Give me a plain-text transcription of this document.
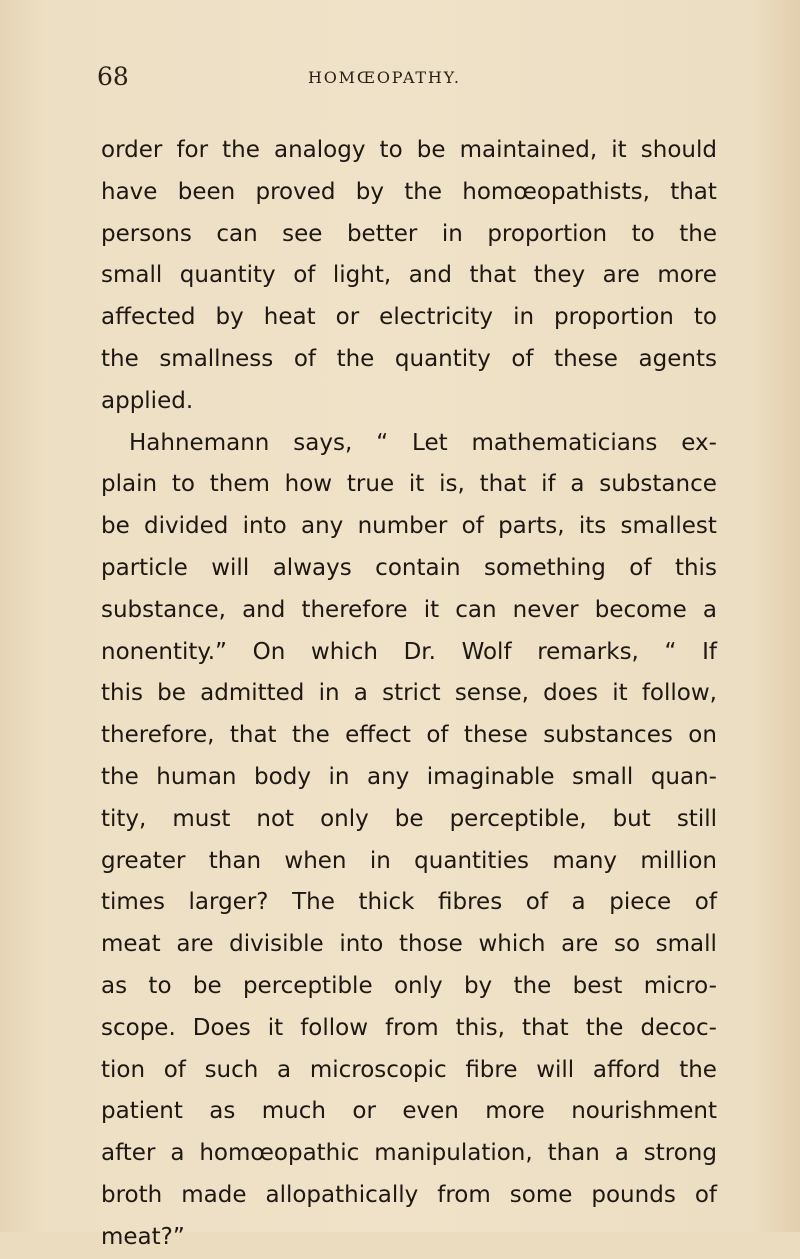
68	HOMŒOPATHY.
order for the analogy to be maintained, it should
have been proved by the homœopathists, that
persons can see better in proportion to the
small quantity of light, and that they are more
affected by heat or electricity in proportion to
the smallness of the quantity of these agents
applied.
Hahnemann says, “ Let mathematicians ex-
plain to them how true it is, that if a substance
be divided into any number of parts, its smallest
particle will always contain something of this
substance, and therefore it can never become a
nonentity.” On which Dr. Wolf remarks, “ If
this be admitted in a strict sense, does it follow,
therefore, that the effect of these substances on
the human body in any imaginable small quan-
tity, must not only be perceptible, but still
greater than when in quantities many million
times larger? The thick fibres of a piece of
meat are divisible into those which are so small
as to be perceptible only by the best micro-
scope. Does it follow from this, that the decoc-
tion of such a microscopic fibre will afford the
patient as much or even more nourishment
after a homœopathic manipulation, than a strong
broth made allopathically from some pounds of
meat?”
